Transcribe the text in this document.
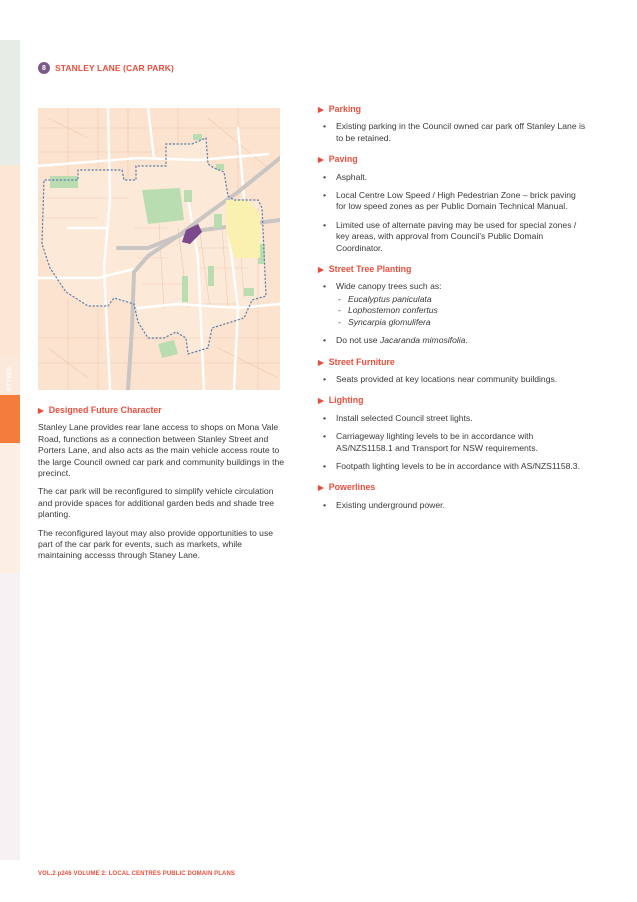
ST IVES
8	STANLEY LANE (CAR PARK)
▶ Designed Future Character

Stanley Lane provides rear lane access to shops on Mona Vale Road, functions as a connection between Stanley Street and Porters Lane, and also acts as the main vehicle access route to the large Council owned car park and community buildings in the precinct.

The car park will be reconfigured to simplify vehicle circulation and provide spaces for additional garden beds and shade tree planting.

The reconfigured layout may also provide opportunities to use part of the car park for events, such as markets, while maintaining accesss through Staney Lane.

▶ Parking
• Existing parking in the Council owned car park off Stanley Lane is to be retained.
▶ Paving
• Asphalt.
• Local Centre Low Speed / High Pedestrian Zone – brick paving for low speed zones as per Public Domain Technical Manual.
• Limited use of alternate paving may be used for special zones / key areas, with approval from Council’s Public Domain Coordinator.
▶ Street Tree Planting
• Wide canopy trees such as:
- Eucalyptus paniculata
- Lophostemon confertus
- Syncarpia glomulifera
• Do not use Jacaranda mimosifolia.
▶ Street Furniture
• Seats provided at key locations near community buildings.
▶ Lighting
• Install selected Council street lights.
• Carriageway lighting levels to be in accordance with AS/NZS1158.1 and Transport for NSW requirements.
• Footpath lighting levels to be in accordance with AS/NZS1158.3.
▶ Powerlines
• Existing underground power.
VOL.2 p246 VOLUME 2: LOCAL CENTRES PUBLIC DOMAIN PLANS
